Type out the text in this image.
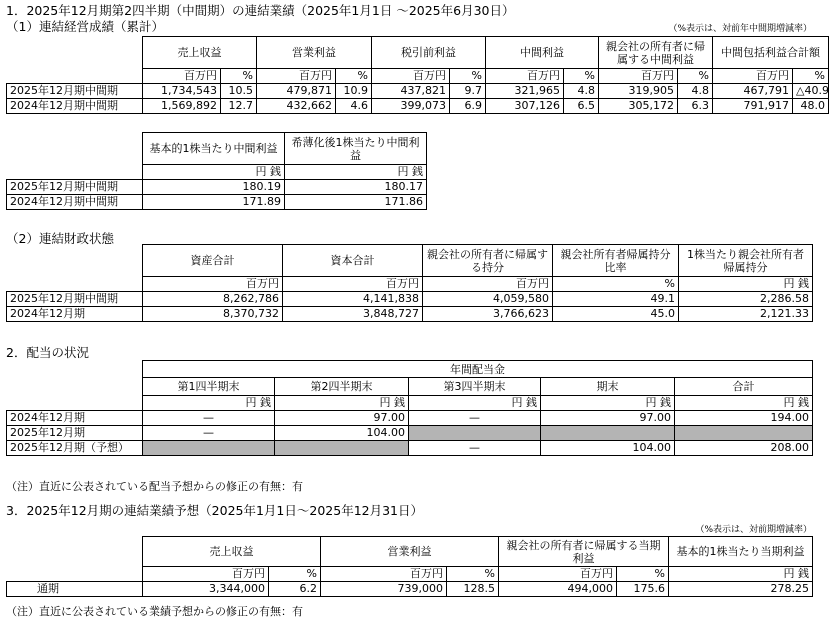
1．2025年12月期第2四半期（中間期）の連結業績（2025年1月1日 ～2025年6月30日）
（1）連結経営成績（累計）	（%表示は、対前年中間期増減率）
	売上収益		営業利益		税引前利益		中間利益		親会社の所有者に帰属する中間利益		中間包括利益合計額	
	百万円	%	百万円	%	百万円	%	百万円	%	百万円	%	百万円	%
2025年12月期中間期	1,734,543	10.5	479,871	10.9	437,821	9.7	321,965	4.8	319,905	4.8	467,791	△40.9
2024年12月期中間期	1,569,892	12.7	432,662	4.6	399,073	6.9	307,126	6.5	305,172	6.3	791,917	48.0
	基本的1株当たり中間利益	希薄化後1株当たり中間利益
	円 銭	円 銭
2025年12月期中間期	180.19	180.17
2024年12月期中間期	171.89	171.86
（2）連結財政状態
	資産合計	資本合計	親会社の所有者に帰属する持分	親会社所有者帰属持分比率	1株当たり親会社所有者帰属持分
	百万円	百万円	百万円	%	円 銭
2025年12月期中間期	8,262,786	4,141,838	4,059,580	49.1	2,286.58
2024年12月期	8,370,732	3,848,727	3,766,623	45.0	2,121.33
2．配当の状況
	年間配当金				
	第1四半期末	第2四半期末	第3四半期末	期末	合計
	円 銭	円 銭	円 銭	円 銭	円 銭
2024年12月期	—	97.00	—	97.00	194.00
2025年12月期	—	104.00			
2025年12月期（予想）			—	104.00	208.00
（注）直近に公表されている配当予想からの修正の有無：有
3．2025年12月期の連結業績予想（2025年1月1日～2025年12月31日）
（%表示は、対前期増減率）
	売上収益		営業利益		親会社の所有者に帰属する当期利益		基本的1株当たり当期利益
	百万円	%	百万円	%	百万円	%	円 銭
通期	3,344,000	6.2	739,000	128.5	494,000	175.6	278.25
（注）直近に公表されている業績予想からの修正の有無：有
